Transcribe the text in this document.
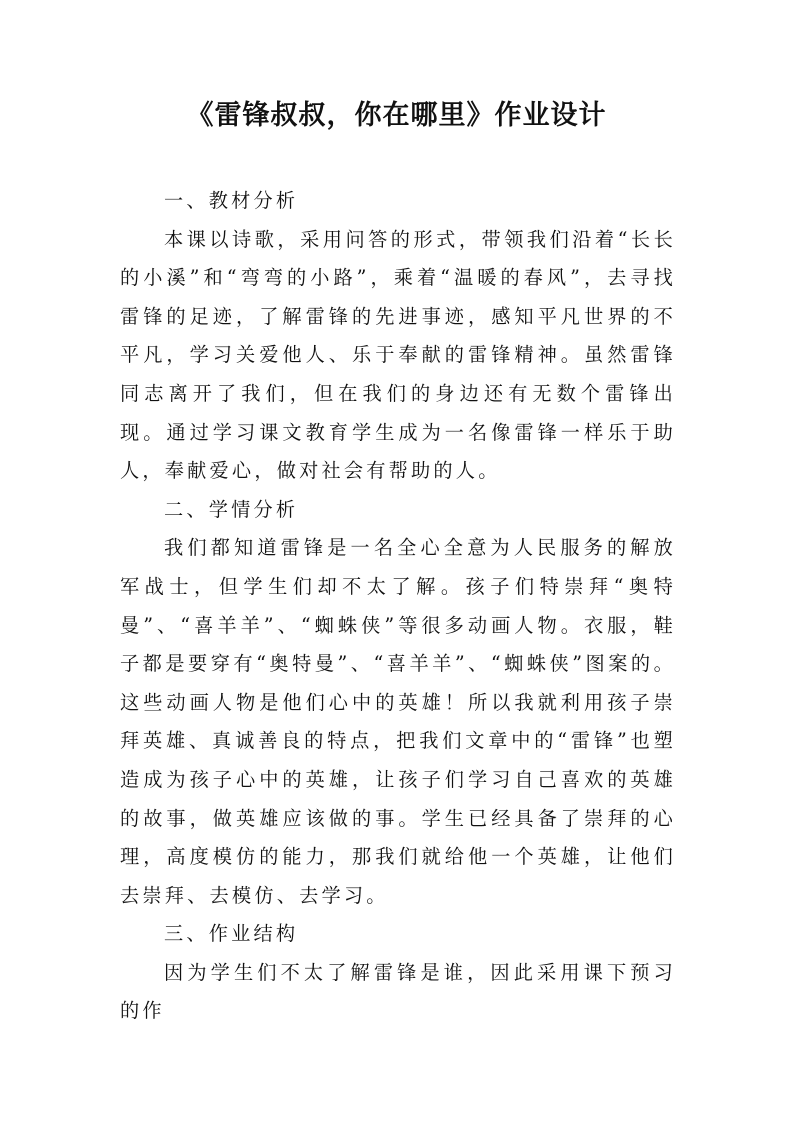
《雷锋叔叔，你在哪里》作业设计

一、教材分析

本课以诗歌，采用问答的形式，带领我们沿着“长长的小溪”和“弯弯的小路”，乘着“温暖的春风”，去寻找雷锋的足迹，了解雷锋的先进事迹，感知平凡世界的不平凡，学习关爱他人、乐于奉献的雷锋精神。虽然雷锋同志离开了我们，但在我们的身边还有无数个雷锋出现。通过学习课文教育学生成为一名像雷锋一样乐于助人，奉献爱心，做对社会有帮助的人。

二、学情分析

我们都知道雷锋是一名全心全意为人民服务的解放军战士，但学生们却不太了解。孩子们特崇拜“奥特曼”、“喜羊羊”、“蜘蛛侠”等很多动画人物。衣服，鞋子都是要穿有“奥特曼”、“喜羊羊”、“蜘蛛侠”图案的。这些动画人物是他们心中的英雄！所以我就利用孩子崇拜英雄、真诚善良的特点，把我们文章中的“雷锋”也塑造成为孩子心中的英雄，让孩子们学习自己喜欢的英雄的故事，做英雄应该做的事。学生已经具备了崇拜的心理，高度模仿的能力，那我们就给他一个英雄，让他们去崇拜、去模仿、去学习。

三、作业结构

因为学生们不太了解雷锋是谁，因此采用课下预习的作
